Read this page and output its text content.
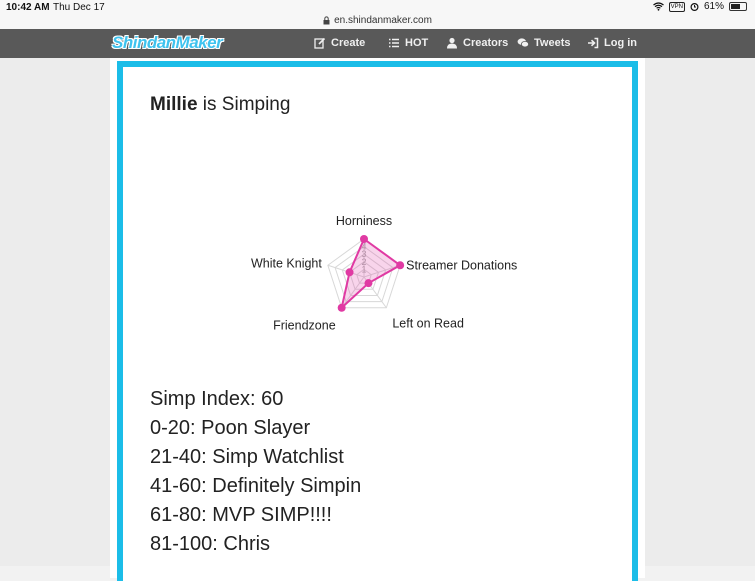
10:42 AM Thu Dec 17	VPN 61%
en.shindanmaker.com
ShindanMaker	Create	HOT	Creators Tweets	Log in
Millie is Simping
Horniness
Streamer Donations
Left on Read
Friendzone
White Knight
Simp Index: 60
0-20: Poon Slayer
21-40: Simp Watchlist
41-60: Definitely Simpin
61-80: MVP SIMP!!!!
81-100: Chris
